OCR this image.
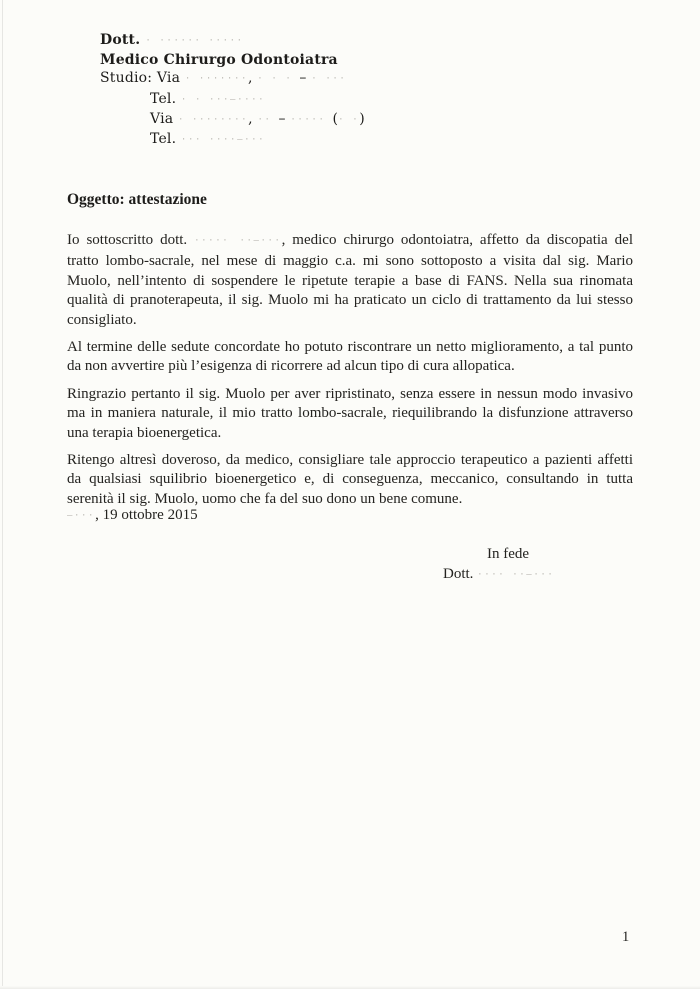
Dott. · ······ ·····
Medico Chirurgo Odontoiatra
Studio: Via · ·······, · · · – · ···
Tel. · · ···–····
Via · ········, ·· – ····· (· ·)
Tel. ··· ····–···
Oggetto: attestazione

Io sottoscritto dott. ····· ··–···, medico chirurgo odontoiatra, affetto da discopatia del tratto lombo-sacrale, nel mese di maggio c.a. mi sono sottoposto a visita dal sig. Mario Muolo, nell’intento di sospendere le ripetute terapie a base di FANS. Nella sua rinomata qualità di pranoterapeuta, il sig. Muolo mi ha praticato un ciclo di trattamento da lui stesso consigliato.

Al termine delle sedute concordate ho potuto riscontrare un netto miglioramento, a tal punto da non avvertire più l’esigenza di ricorrere ad alcun tipo di cura allopatica.

Ringrazio pertanto il sig. Muolo per aver ripristinato, senza essere in nessun modo invasivo ma in maniera naturale, il mio tratto lombo-sacrale, riequilibrando la disfunzione attraverso una terapia bioenergetica.

Ritengo altresì doveroso, da medico, consigliare tale approccio terapeutico a pazienti affetti da qualsiasi squilibrio bioenergetico e, di conseguenza, meccanico, consultando in tutta serenità il sig. Muolo, uomo che fa del suo dono un bene comune.

–···, 19 ottobre 2015
In fede
Dott. ···· ··–···
1
